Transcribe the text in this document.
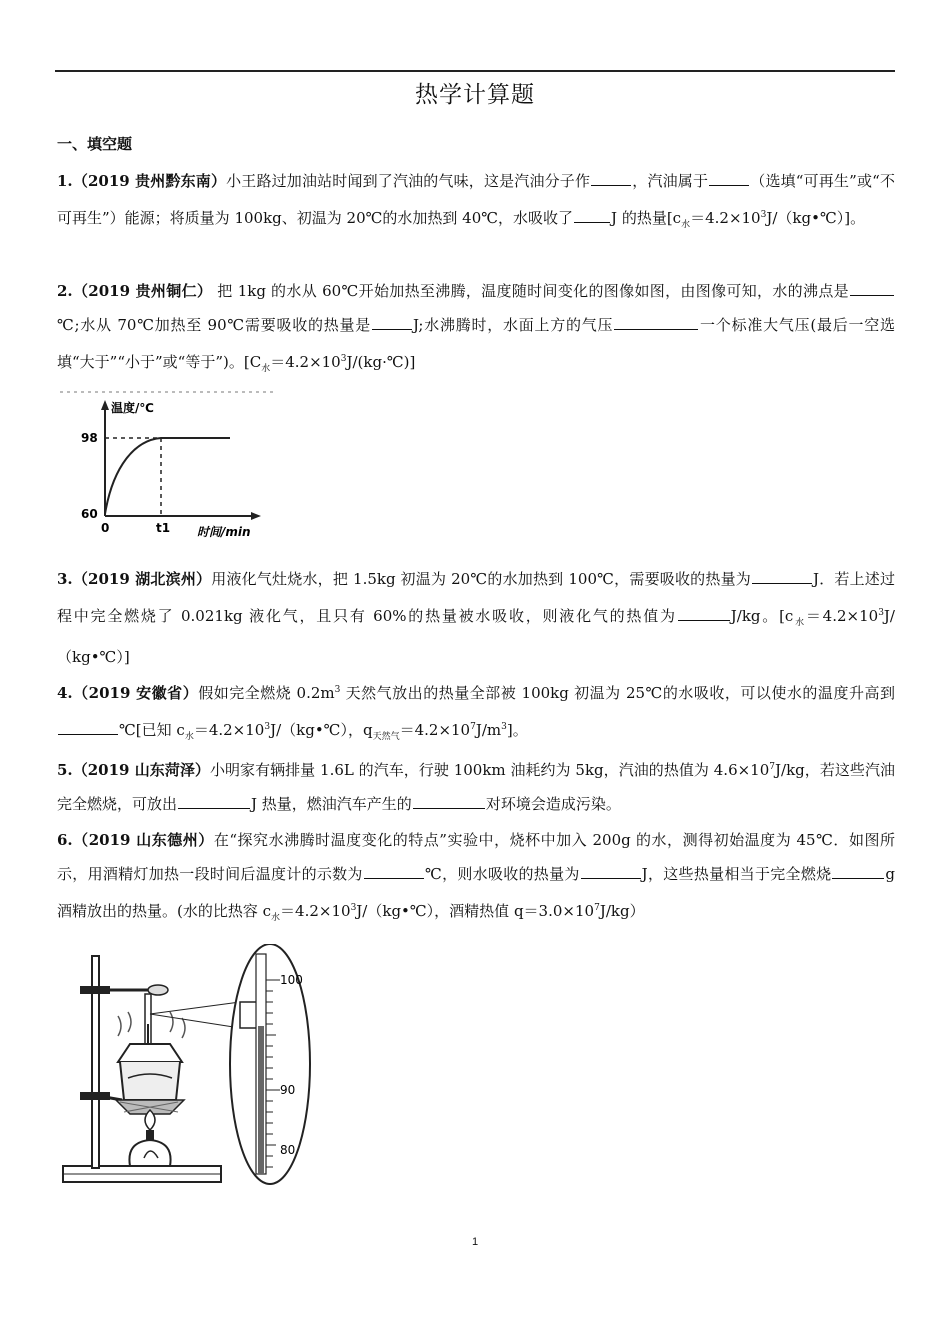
热学计算题
一、填空题
1.（2019 贵州黔东南）小王路过加油站时闻到了汽油的气味，这是汽油分子作	，汽油属于	（选填“可再生”或“不可再生”）能源；将质量为 100kg、初温为 20℃的水加热到 40℃，水吸收了	J 的热量$[c_水=4.2\times 10^3J/(kg•℃)]$。
2.（2019 贵州铜仁） 把 1kg 的水从 60℃开始加热至沸腾，温度随时间变化的图像如图，由图像可知，水的沸点是℃;水从 70℃加热至 90℃需要吸收的热量是	J;水沸腾时，水面上方的气压	一个标准大气压(最后一空选填“大于”“小于”或“等于”)。$[C_水=4.2\times 10^3J/(kg\cdot℃)]$
温度/℃
98
60
0	t1 时间/min
3.（2019 湖北滨州）用液化气灶烧水，把 1.5kg 初温为 20℃的水加热到 100℃，需要吸收的热量为	J．若上述过程中完全燃烧了 0.021kg 液化气，且只有 60%的热量被水吸收，则液化气的热值为	J/kg。$[c_水=4.2\times 10^3J/(kg•℃)]$
4.（2019 安徽省）假如完全燃烧 $0.2m^3$ 天然气放出的热量全部被 100kg 初温为 25℃的水吸收，可以使水的温度升高到℃[已知 $c_水=4.2\times 10^3J/(kg•℃)$，$q_{天然气}=4.2\times 10^7J/m^3$]。
5.（2019 山东菏泽）小明家有辆排量 1.6L 的汽车，行驶 100km 油耗约为 5kg，汽油的热值为 $4.6\times 10^7J/kg$，若这些汽油完全燃烧，可放出	J 热量，燃油汽车产生的	对环境会造成污染。
6.（2019 山东德州）在“探究水沸腾时温度变化的特点”实验中，烧杯中加入 200g 的水，测得初始温度为 45℃．如图所示，用酒精灯加热一段时间后温度计的示数为	℃，则水吸收的热量为	J，这些热量相当于完全燃烧	g 酒精放出的热量。(水的比热容 $c_水=4.2\times 10^3J/(kg•℃)$，酒精热值 $q=3.0\times 10^7J/kg$）
100
90
80
1
